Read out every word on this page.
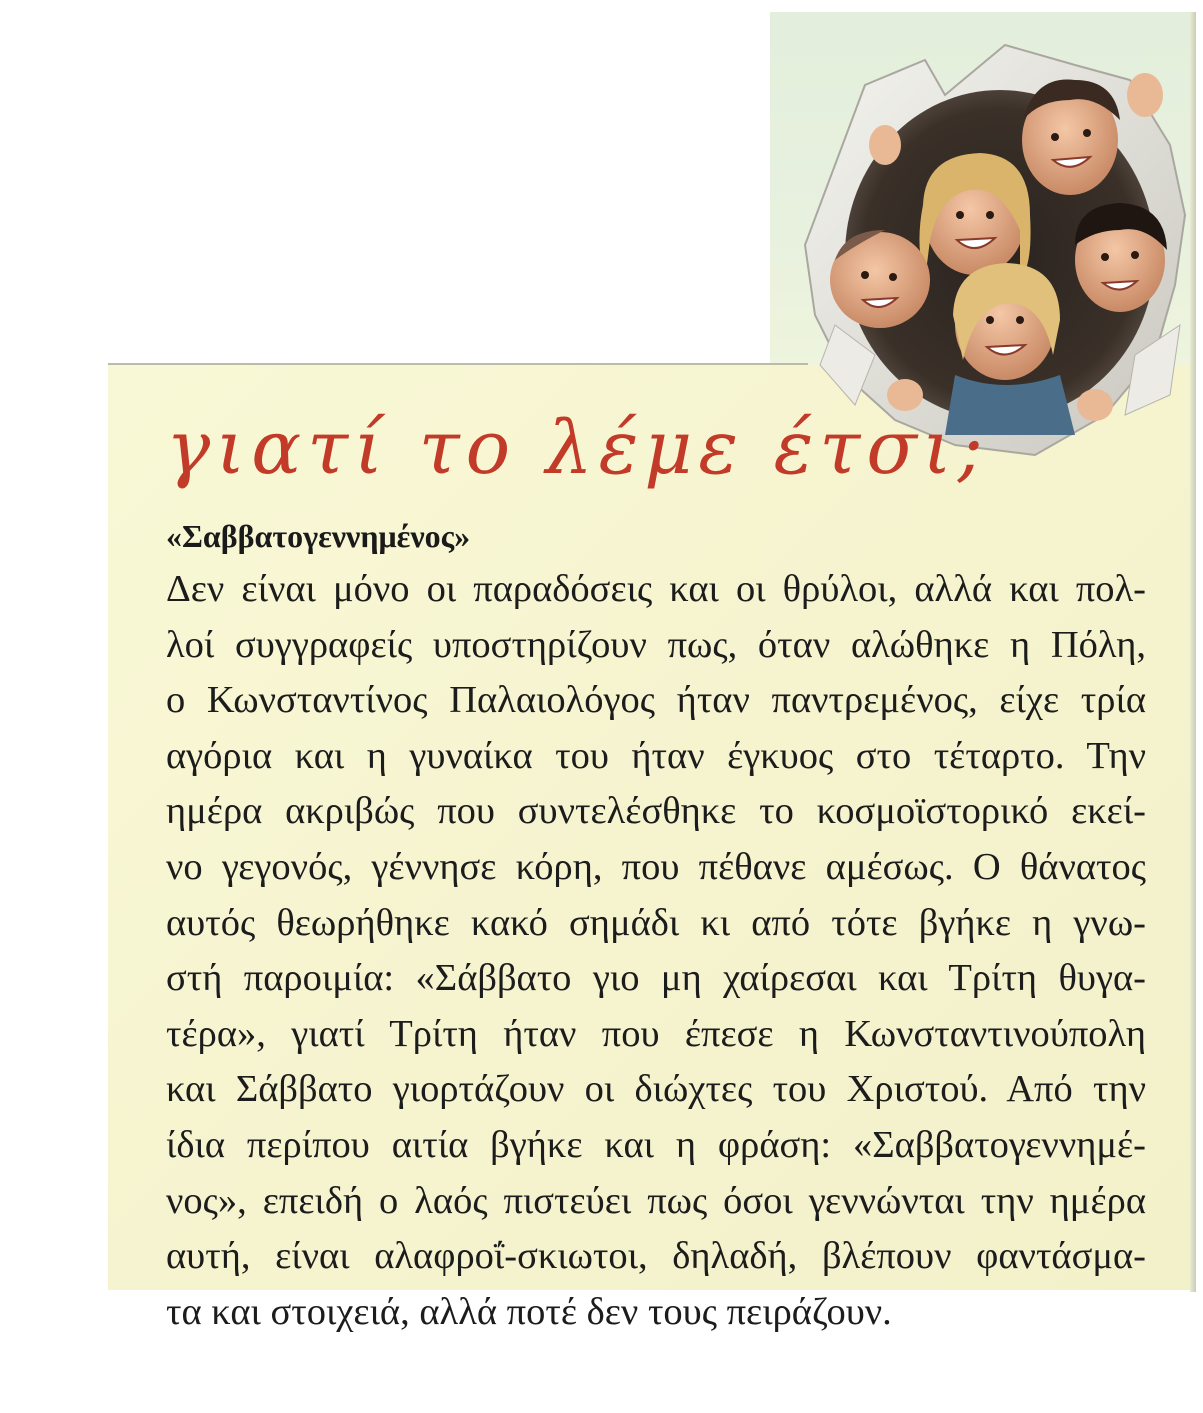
γιατί το λέμε έτσι;
«Σαββατογεννημένος»

Δεν είναι μόνο οι παραδόσεις και οι θρύλοι, αλλά και πολ-
λοί συγγραφείς υποστηρίζουν πως, όταν αλώθηκε η Πόλη,
ο Κωνσταντίνος Παλαιολόγος ήταν παντρεμένος, είχε τρία
αγόρια και η γυναίκα του ήταν έγκυος στο τέταρτο. Την
ημέρα ακριβώς που συντελέσθηκε το κοσμοϊστορικό εκεί-
νο γεγονός, γέννησε κόρη, που πέθανε αμέσως. Ο θάνατος
αυτός θεωρήθηκε κακό σημάδι κι από τότε βγήκε η γνω-
στή παροιμία: «Σάββατο γιο μη χαίρεσαι και Τρίτη θυγα-
τέρα», γιατί Τρίτη ήταν που έπεσε η Κωνσταντινούπολη
και Σάββατο γιορτάζουν οι διώχτες του Χριστού. Από την
ίδια περίπου αιτία βγήκε και η φράση: «Σαββατογεννημέ-
νος», επειδή ο λαός πιστεύει πως όσοι γεννώνται την ημέρα
αυτή, είναι αλαφροΐ-σκιωτοι, δηλαδή, βλέπουν φαντάσμα-
τα και στοιχειά, αλλά ποτέ δεν τους πειράζουν.
